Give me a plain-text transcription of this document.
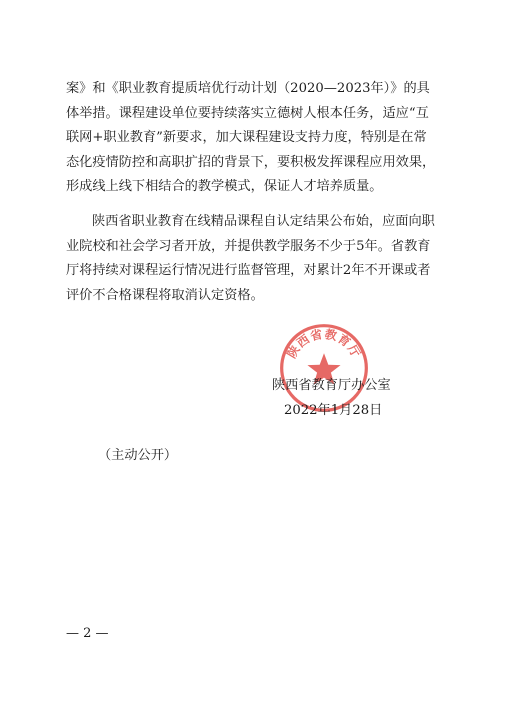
案》和《职业教育提质培优行动计划（2020—2023年）》的具
体举措。课程建设单位要持续落实立德树人根本任务，适应“互
联网+职业教育”新要求，加大课程建设支持力度，特别是在常
态化疫情防控和高职扩招的背景下，要积极发挥课程应用效果，
形成线上线下相结合的教学模式，保证人才培养质量。
陕西省职业教育在线精品课程自认定结果公布始，应面向职
业院校和社会学习者开放，并提供教学服务不少于5年。省教育
厅将持续对课程运行情况进行监督管理，对累计2年不开课或者
评价不合格课程将取消认定资格。
陕西省教育厅
陕西省教育厅办公室
2022年1月28日
（主动公开）
— 2 —
